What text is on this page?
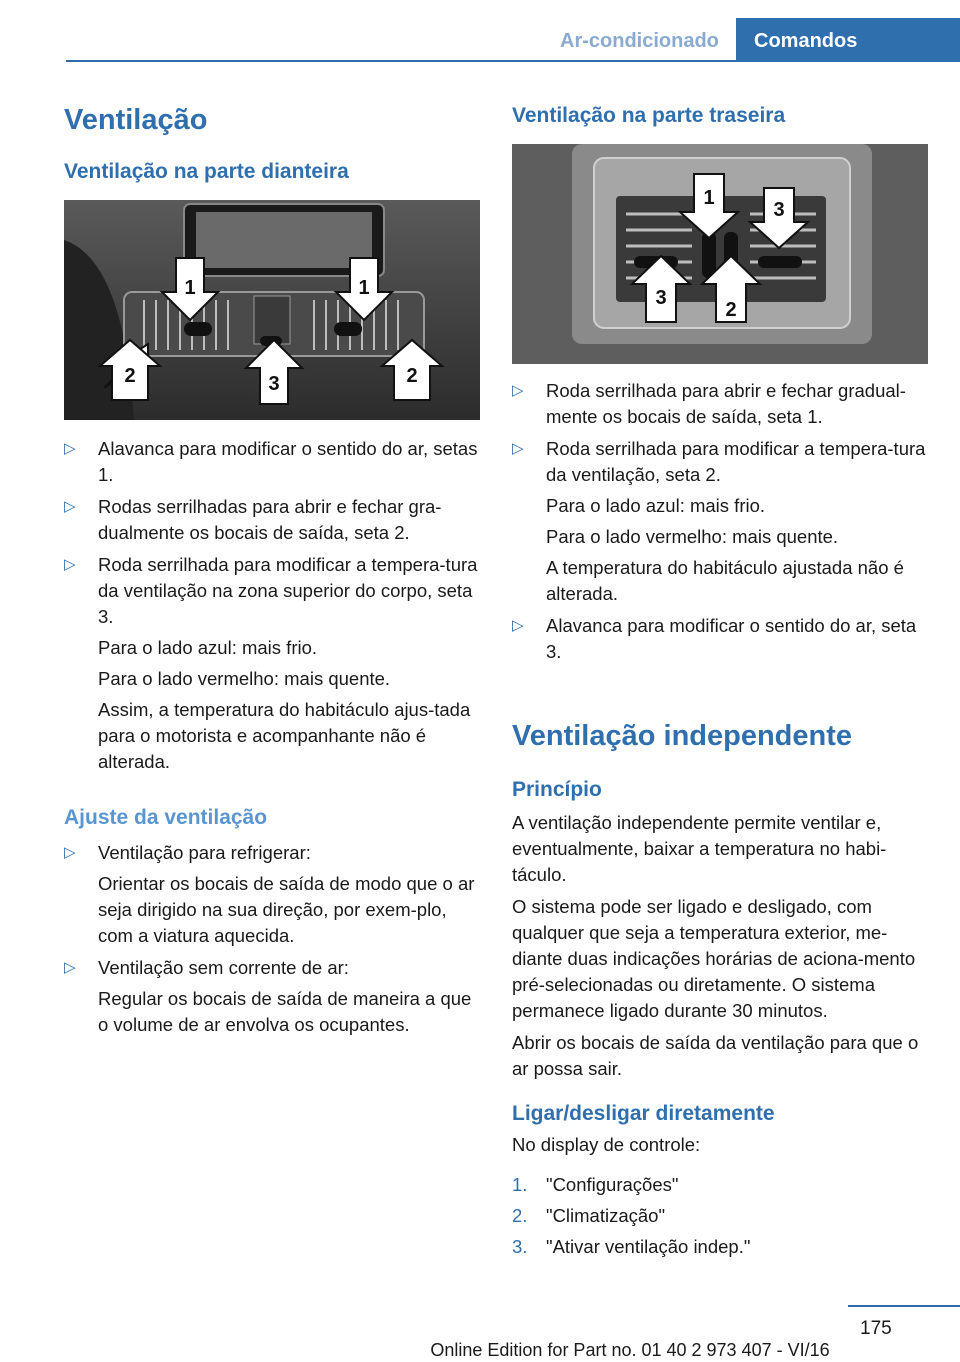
Ar-condicionado	Comandos
Ventilação
Ventilação na parte dianteira
1	1
2	3	2
▷ Alavanca para modificar o sentido do ar, setas 1.
▷ Rodas serrilhadas para abrir e fechar gra‐dualmente os bocais de saída, seta 2.
▷ Roda serrilhada para modificar a tempera‐tura da ventilação na zona superior do corpo, seta 3.
Para o lado azul: mais frio.
Para o lado vermelho: mais quente.
Assim, a temperatura do habitáculo ajus‐tada para o motorista e acompanhante não é alterada.
Ajuste da ventilação
▷ Ventilação para refrigerar:
Orientar os bocais de saída de modo que o ar seja dirigido na sua direção, por exem‐plo, com a viatura aquecida.
▷ Ventilação sem corrente de ar:
Regular os bocais de saída de maneira a que o volume de ar envolva os ocupantes.
Ventilação na parte traseira
1
3
3
2
▷ Roda serrilhada para abrir e fechar gradual‐mente os bocais de saída, seta 1.
▷ Roda serrilhada para modificar a tempera‐tura da ventilação, seta 2.
Para o lado azul: mais frio.
Para o lado vermelho: mais quente.
A temperatura do habitáculo ajustada não é alterada.
▷ Alavanca para modificar o sentido do ar, seta 3.
Ventilação independente
Princípio

A ventilação independente permite ventilar e, eventualmente, baixar a temperatura no habi‐táculo.

O sistema pode ser ligado e desligado, com qualquer que seja a temperatura exterior, me‐diante duas indicações horárias de aciona‐mento pré-selecionadas ou diretamente. O sistema permanece ligado durante 30 minutos.

Abrir os bocais de saída da ventilação para que o ar possa sair.

Ligar/desligar diretamente
No display de controle:
1. "Configurações"
2. "Climatização"
3. "Ativar ventilação indep."
175
Online Edition for Part no. 01 40 2 973 407 - VI/16
